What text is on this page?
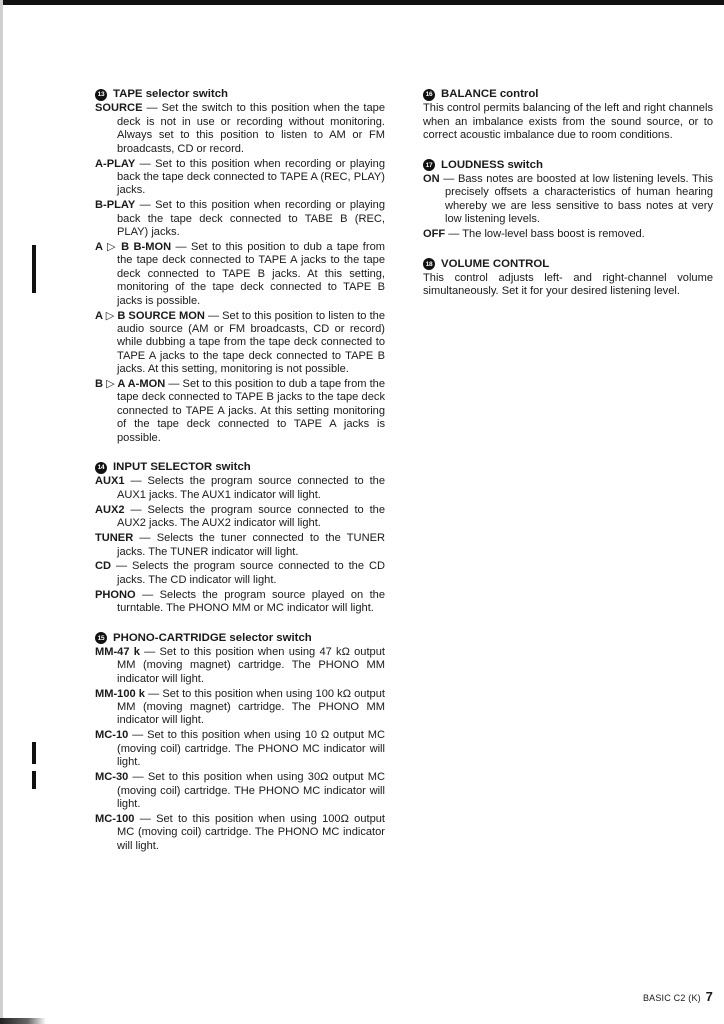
13 TAPE selector switch

SOURCE — Set the switch to this position when the tape deck is not in use or recording without monitoring. Always set to this position to listen to AM or FM broadcasts, CD or record.

A-PLAY — Set to this position when recording or playing back the tape deck connected to TAPE A (REC, PLAY) jacks.

B-PLAY — Set to this position when recording or playing back the tape deck connected to TABE B (REC, PLAY) jacks.

A ▷ B B-MON — Set to this position to dub a tape from the tape deck connected to TAPE A jacks to the tape deck connected to TAPE B jacks. At this setting, monitoring of the tape deck connected to TAPE B jacks is possible.

A ▷ B SOURCE MON — Set to this position to listen to the audio source (AM or FM broadcasts, CD or record) while dubbing a tape from the tape deck connected to TAPE A jacks to the tape deck connected to TAPE B jacks. At this setting, monitoring is not possible.

B ▷ A A-MON — Set to this position to dub a tape from the tape deck connected to TAPE B jacks to the tape deck connected to TAPE A jacks. At this setting monitoring of the tape deck connected to TAPE A jacks is possible.

14 INPUT SELECTOR switch

AUX1 — Selects the program source connected to the AUX1 jacks. The AUX1 indicator will light.

AUX2 — Selects the program source connected to the AUX2 jacks. The AUX2 indicator will light.

TUNER — Selects the tuner connected to the TUNER jacks. The TUNER indicator will light.

CD — Selects the program source connected to the CD jacks. The CD indicator will light.

PHONO — Selects the program source played on the turntable. The PHONO MM or MC indicator will light.

15 PHONO-CARTRIDGE selector switch

MM-47 k — Set to this position when using 47 kΩ output MM (moving magnet) cartridge. The PHONO MM indicator will light.

MM-100 k — Set to this position when using 100 kΩ output MM (moving magnet) cartridge. The PHONO MM indicator will light.

MC-10 — Set to this position when using 10 Ω output MC (moving coil) cartridge. The PHONO MC indicator will light.

MC-30 — Set to this position when using 30Ω output MC (moving coil) cartridge. THe PHONO MC indicator will light.

MC-100 — Set to this position when using 100Ω output MC (moving coil) cartridge. The PHONO MC indicator will light.

16 BALANCE control

This control permits balancing of the left and right channels when an imbalance exists from the sound source, or to correct acoustic imbalance due to room conditions.

17 LOUDNESS switch

ON — Bass notes are boosted at low listening levels. This precisely offsets a characteristics of human hearing whereby we are less sensitive to bass notes at very low listening levels.

OFF — The low-level bass boost is removed.

18 VOLUME CONTROL

This control adjusts left- and right-channel volume simultaneously. Set it for your desired listening level.

BASIC C2 (K) 7
